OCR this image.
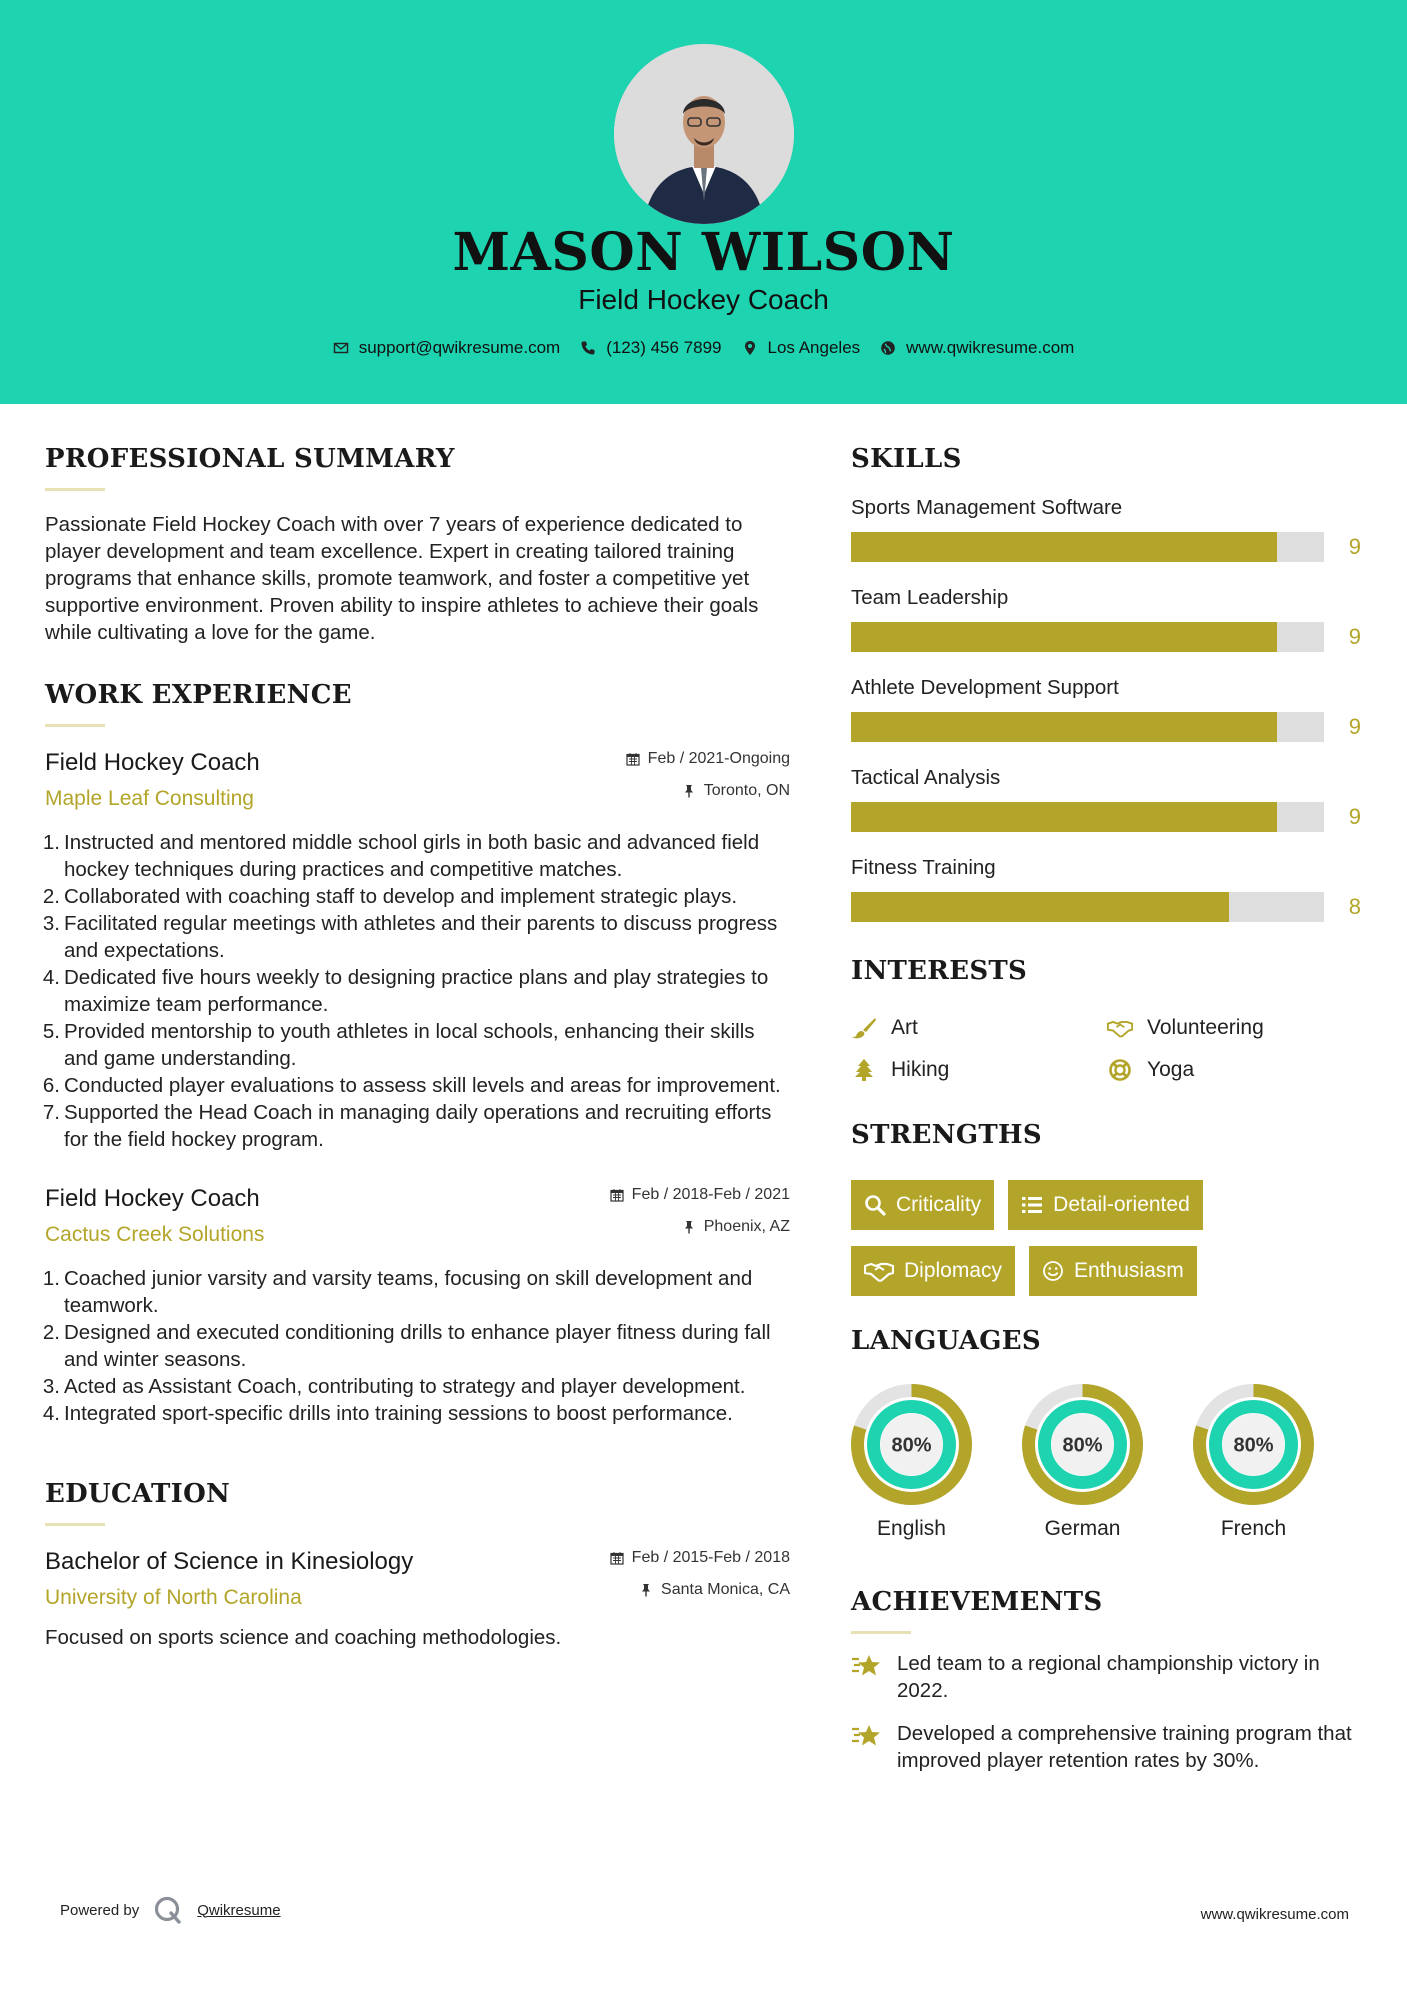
MASON WILSON
Field Hockey Coach
support@qwikresume.com	(123) 456 7899	Los Angeles	www.qwikresume.com
PROFESSIONAL SUMMARY

Passionate Field Hockey Coach with over 7 years of experience dedicated to player development and team excellence. Expert in creating tailored training programs that enhance skills, promote teamwork, and foster a competitive yet supportive environment. Proven ability to inspire athletes to achieve their goals while cultivating a love for the game.

WORK EXPERIENCE
Field Hockey Coach
Maple Leaf Consulting
Feb / 2021-Ongoing
Toronto, ON
1. Instructed and mentored middle school girls in both basic and advanced field hockey techniques during practices and competitive matches.
2. Collaborated with coaching staff to develop and implement strategic plays.
3. Facilitated regular meetings with athletes and their parents to discuss progress and expectations.
4. Dedicated five hours weekly to designing practice plans and play strategies to maximize team performance.
5. Provided mentorship to youth athletes in local schools, enhancing their skills and game understanding.
6. Conducted player evaluations to assess skill levels and areas for improvement.
7. Supported the Head Coach in managing daily operations and recruiting efforts for the field hockey program.
Field Hockey Coach
Cactus Creek Solutions
Feb / 2018-Feb / 2021
Phoenix, AZ
1. Coached junior varsity and varsity teams, focusing on skill development and teamwork.
2. Designed and executed conditioning drills to enhance player fitness during fall and winter seasons.
3. Acted as Assistant Coach, contributing to strategy and player development.
4. Integrated sport-specific drills into training sessions to boost performance.
EDUCATION
Bachelor of Science in Kinesiology
University of North Carolina
Feb / 2015-Feb / 2018
Santa Monica, CA

Focused on sports science and coaching methodologies.

SKILLS
Sports Management Software
9
Team Leadership
9
Athlete Development Support
9
Tactical Analysis
9
Fitness Training
8
INTERESTS
Art	Volunteering
Hiking	Yoga
STRENGTHS
Criticality	Detail-oriented
Diplomacy	Enthusiasm
LANGUAGES
80%
English
80%
German
80%
French
ACHIEVEMENTS
Led team to a regional championship victory in 2022.
Developed a comprehensive training program that improved player retention rates by 30%.
Powered by	Qwikresume	www.qwikresume.com
